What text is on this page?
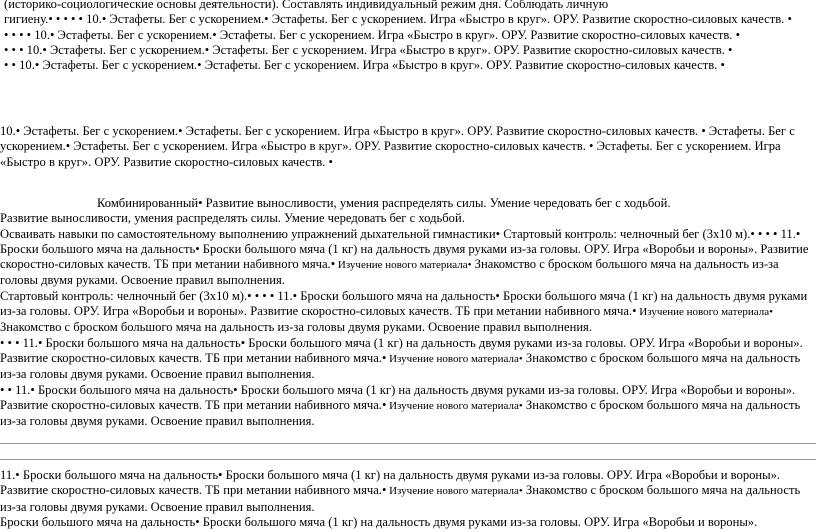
(историко-социологические основы деятельности). Составлять индивидуальный режим дня. Соблюдать личную
гигиену.• • • • • 10.• Эстафеты. Бег с ускорением.• Эстафеты. Бег с ускорением. Игра «Быстро в круг». ОРУ. Развитие скоростно-силовых качеств. •
• • • • 10.• Эстафеты. Бег с ускорением.• Эстафеты. Бег с ускорением. Игра «Быстро в круг». ОРУ. Развитие скоростно-силовых качеств. •
• • • 10.• Эстафеты. Бег с ускорением.• Эстафеты. Бег с ускорением. Игра «Быстро в круг». ОРУ. Развитие скоростно-силовых качеств. •
• • 10.• Эстафеты. Бег с ускорением.• Эстафеты. Бег с ускорением. Игра «Быстро в круг». ОРУ. Развитие скоростно-силовых качеств. •
10.• Эстафеты. Бег с ускорением.• Эстафеты. Бег с ускорением. Игра «Быстро в круг». ОРУ. Развитие скоростно-силовых качеств. • Эстафеты. Бег с ускорением.• Эстафеты. Бег с ускорением. Игра «Быстро в круг». ОРУ. Развитие скоростно-силовых качеств. • Эстафеты. Бег с ускорением. Игра «Быстро в круг». ОРУ. Развитие скоростно-силовых качеств. •
Комбинированный• Развитие выносливости, умения распределять силы. Умение чередовать бег с ходьбой.
Развитие выносливости, умения распределять силы. Умение чередовать бег с ходьбой.
Осваивать навыки по самостоятельному выполнению упражнений дыхательной гимнастики• Стартовый контроль: челночный бег (3х10 м).• • • • 11.• Броски большого мяча на дальность• Броски большого мяча (1 кг) на дальность двумя руками из-за головы. ОРУ. Игра «Воробьи и вороны». Развитие скоростно-силовых качеств. ТБ при метании набивного мяча.• Изучение нового материала• Знакомство с броском большого мяча на дальность из-за головы двумя руками. Освоение правил выполнения.
Стартовый контроль: челночный бег (3х10 м).• • • • 11.• Броски большого мяча на дальность• Броски большого мяча (1 кг) на дальность двумя руками из-за головы. ОРУ. Игра «Воробьи и вороны». Развитие скоростно-силовых качеств. ТБ при метании набивного мяча.• Изучение нового материала• Знакомство с броском большого мяча на дальность из-за головы двумя руками. Освоение правил выполнения.
• • • 11.• Броски большого мяча на дальность• Броски большого мяча (1 кг) на дальность двумя руками из-за головы. ОРУ. Игра «Воробьи и вороны». Развитие скоростно-силовых качеств. ТБ при метании набивного мяча.• Изучение нового материала• Знакомство с броском большого мяча на дальность из-за головы двумя руками. Освоение правил выполнения.
• • 11.• Броски большого мяча на дальность• Броски большого мяча (1 кг) на дальность двумя руками из-за головы. ОРУ. Игра «Воробьи и вороны». Развитие скоростно-силовых качеств. ТБ при метании набивного мяча.• Изучение нового материала• Знакомство с броском большого мяча на дальность из-за головы двумя руками. Освоение правил выполнения.
11.• Броски большого мяча на дальность• Броски большого мяча (1 кг) на дальность двумя руками из-за головы. ОРУ. Игра «Воробьи и вороны». Развитие скоростно-силовых качеств. ТБ при метании набивного мяча.• Изучение нового материала• Знакомство с броском большого мяча на дальность из-за головы двумя руками. Освоение правил выполнения.
Броски большого мяча на дальность• Броски большого мяча (1 кг) на дальность двумя руками из-за головы. ОРУ. Игра «Воробьи и вороны».
